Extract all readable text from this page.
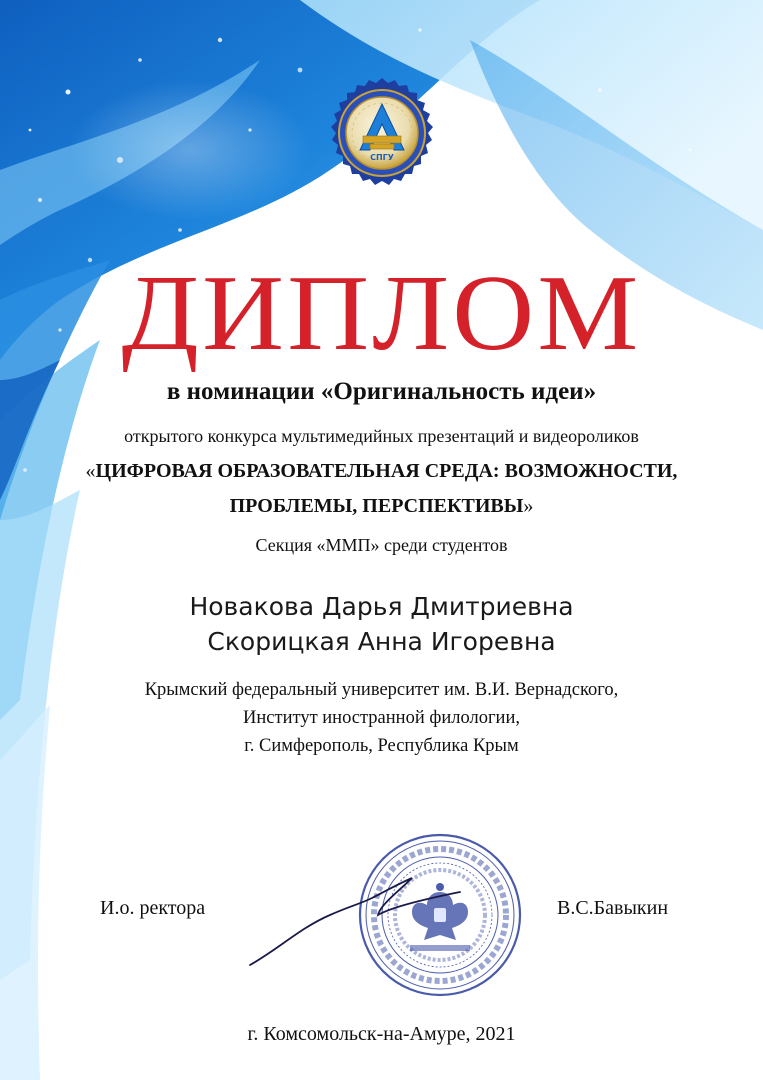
СПГУ
ДИПЛОМ
в номинации «Оригинальность идеи»
открытого конкурса мультимедийных презентаций и видеороликов
«ЦИФРОВАЯ ОБРАЗОВАТЕЛЬНАЯ СРЕДА: ВОЗМОЖНОСТИ,
ПРОБЛЕМЫ, ПЕРСПЕКТИВЫ»
Секция «ММП» среди студентов
Новакова Дарья Дмитриевна
Скорицкая Анна Игоревна
Крымский федеральный университет им. В.И. Вернадского,
Институт иностранной филологии,
г. Симферополь, Республика Крым
И.о. ректора	В.С.Бавыкин
г. Комсомольск-на-Амуре, 2021
